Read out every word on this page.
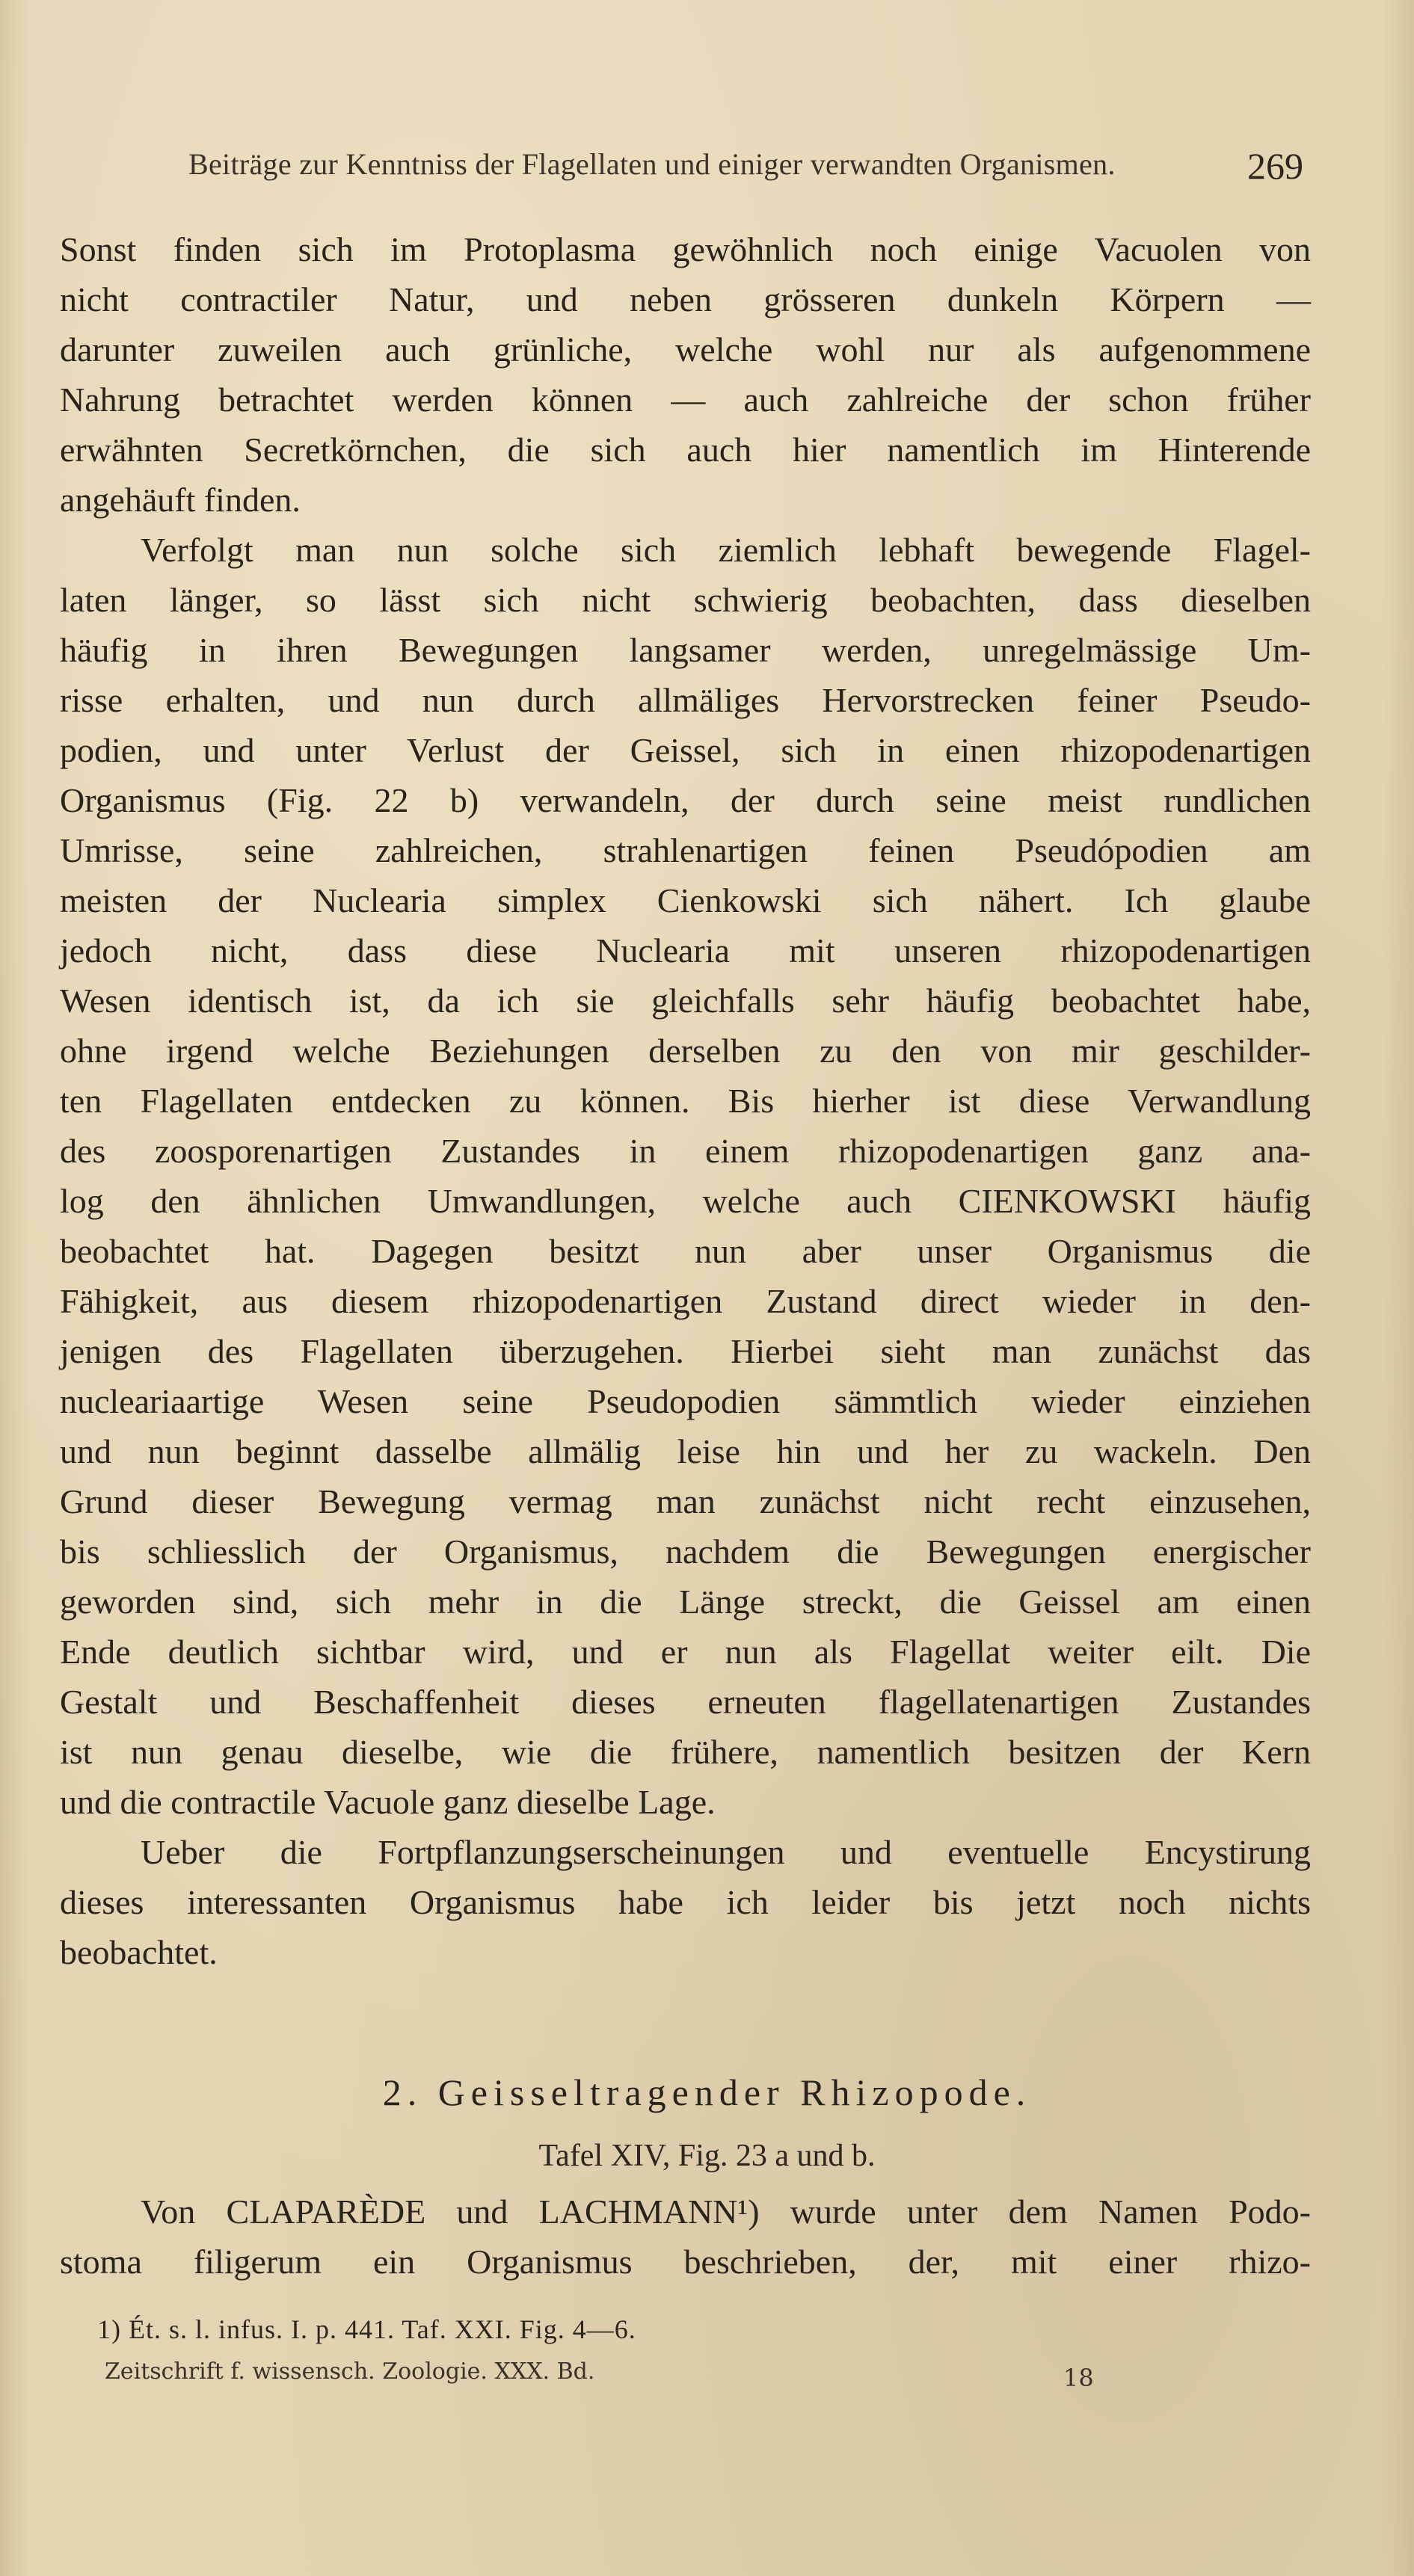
Beiträge zur Kenntniss der Flagellaten und einiger verwandten Organismen.	269
Sonst finden sich im Protoplasma gewöhnlich noch einige Vacuolen von
nicht contractiler Natur, und neben grösseren dunkeln Körpern —
darunter zuweilen auch grünliche, welche wohl nur als aufgenommene
Nahrung betrachtet werden können — auch zahlreiche der schon früher
erwähnten Secretkörnchen, die sich auch hier namentlich im Hinterende
angehäuft finden.
Verfolgt man nun solche sich ziemlich lebhaft bewegende Flagel-
laten länger, so lässt sich nicht schwierig beobachten, dass dieselben
häufig in ihren Bewegungen langsamer werden, unregelmässige Um-
risse erhalten, und nun durch allmäliges Hervorstrecken feiner Pseudo-
podien, und unter Verlust der Geissel, sich in einen rhizopodenartigen
Organismus (Fig. 22 b) verwandeln, der durch seine meist rundlichen
Umrisse, seine zahlreichen, strahlenartigen feinen Pseudópodien am
meisten der Nuclearia simplex Cienkowski sich nähert. Ich glaube
jedoch nicht, dass diese Nuclearia mit unseren rhizopodenartigen
Wesen identisch ist, da ich sie gleichfalls sehr häufig beobachtet habe,
ohne irgend welche Beziehungen derselben zu den von mir geschilder-
ten Flagellaten entdecken zu können. Bis hierher ist diese Verwandlung
des zoosporenartigen Zustandes in einem rhizopodenartigen ganz ana-
log den ähnlichen Umwandlungen, welche auch CIENKOWSKI häufig
beobachtet hat. Dagegen besitzt nun aber unser Organismus die
Fähigkeit, aus diesem rhizopodenartigen Zustand direct wieder in den-
jenigen des Flagellaten überzugehen. Hierbei sieht man zunächst das
nucleariaartige Wesen seine Pseudopodien sämmtlich wieder einziehen
und nun beginnt dasselbe allmälig leise hin und her zu wackeln. Den
Grund dieser Bewegung vermag man zunächst nicht recht einzusehen,
bis schliesslich der Organismus, nachdem die Bewegungen energischer
geworden sind, sich mehr in die Länge streckt, die Geissel am einen
Ende deutlich sichtbar wird, und er nun als Flagellat weiter eilt. Die
Gestalt und Beschaffenheit dieses erneuten flagellatenartigen Zustandes
ist nun genau dieselbe, wie die frühere, namentlich besitzen der Kern
und die contractile Vacuole ganz dieselbe Lage.
Ueber die Fortpflanzungserscheinungen und eventuelle Encystirung
dieses interessanten Organismus habe ich leider bis jetzt noch nichts
beobachtet.
2. Geisseltragender Rhizopode.
Tafel XIV, Fig. 23 a und b.
Von CLAPARÈDE und LACHMANN¹) wurde unter dem Namen Podo-
stoma filigerum ein Organismus beschrieben, der, mit einer rhizo-
1) Ét. s. l. infus. I. p. 441. Taf. XXI. Fig. 4—6.
Zeitschrift f. wissensch. Zoologie. XXX. Bd.	18
